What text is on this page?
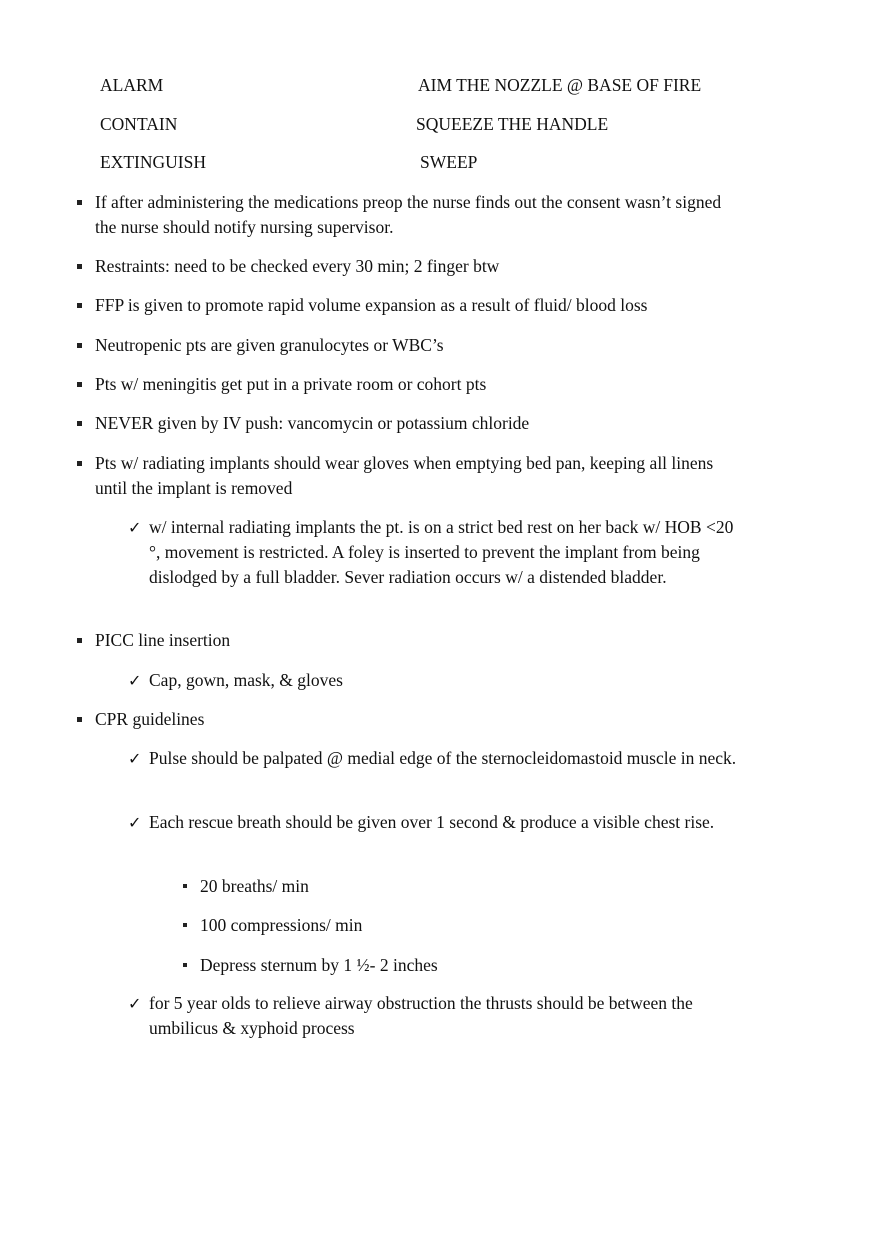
ALARM	AIM THE NOZZLE @ BASE OF FIRE
CONTAIN	SQUEEZE THE HANDLE
EXTINGUISH	SWEEP
If after administering the medications preop the nurse finds out the consent wasn’t signed the nurse should notify nursing supervisor.
Restraints: need to be checked every 30 min; 2 finger btw
FFP is given to promote rapid volume expansion as a result of fluid/ blood loss
Neutropenic pts are given granulocytes or WBC’s
Pts w/ meningitis get put in a private room or cohort pts
NEVER given by IV push: vancomycin or potassium chloride
Pts w/ radiating implants should wear gloves when emptying bed pan, keeping all linens until the implant is removed
✓ w/ internal radiating implants the pt. is on a strict bed rest on her back w/ HOB <20 °, movement is restricted. A foley is inserted to prevent the implant from being dislodged by a full bladder. Sever radiation occurs w/ a distended bladder.
PICC line insertion
✓ Cap, gown, mask, & gloves
CPR guidelines
✓ Pulse should be palpated @ medial edge of the sternocleidomastoid muscle in neck.
✓ Each rescue breath should be given over 1 second & produce a visible chest rise.
20 breaths/ min
100 compressions/ min
Depress sternum by 1 ½- 2 inches
✓ for 5 year olds to relieve airway obstruction the thrusts should be between the umbilicus & xyphoid process
